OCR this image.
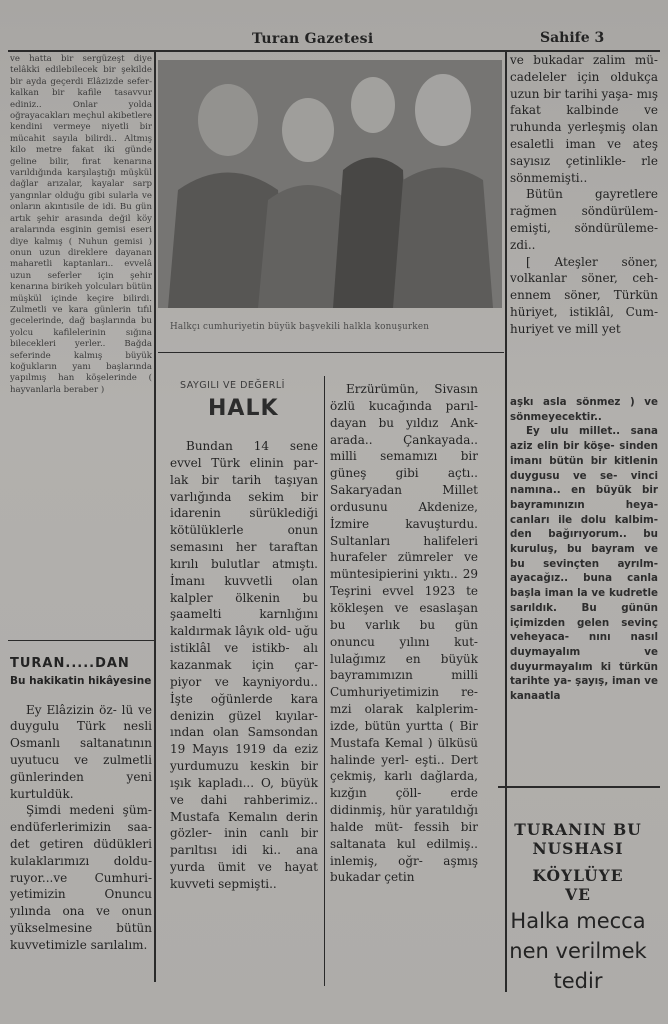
Turan Gazetesi	Sahife 3

ve hatta bir sergüzeşt diye telâkki edilebilecek bir şekilde bir ayda geçerdi Elâzizde sefer- kalkan bir kafile tasavvur ediniz.. Onlar yolda oğrayacakları meçhul akibetlere kendini vermeye niyetli bir mücahit sayıla bilirdi.. Altmış kilo metre fakat iki günde geline bilir, fırat kenarına varıldığında karşılaştığı müşkül dağlar arızalar, kayalar sarp yangınlar olduğu gibi sularla ve onların akıntısile de idi. Bu gün artık şehir arasında değil köy aralarında esginin gemisi eseri diye kalmış ( Nuhun gemisi ) onun uzun direklere dayanan maharetli kaptanları.. evvelâ uzun seferler için şehir kenarına birikeh yolcuları bütün müşkül içinde keçire bilirdi. Zulmetli ve kara günlerin tıfıl gecelerinde, dağ başlarında bu yolcu kafilelerinin sığına bilecekleri yerler.. Bağda seferinde kalmış büyük koğukların yanı başlarında yapılmış han köşelerinde ( hayvanlarla beraber )

TURAN.....DAN
Bu hakikatin hikâyesine

Ey Elâzizin öz- lü ve duygulu Türk nesli Osmanlı saltanatının uyutucu ve zulmetli günlerinden yeni kurtuldük.

Şimdi medeni şüm- endüferlerimizin saa- det getiren düdükleri kulaklarımızı doldu- ruyor...ve Cumhuri- yetimizin Onuncu yılında ona ve onun yükselmesine bütün kuvvetimizle sarılalım.

Halkçı cumhuriyetin büyük başvekili halkla konuşurken
SAYGILI VE DEĞERLİ
HALK

Bundan 14 sene evvel Türk elinin par- lak bir tarih taşıyan varlığında sekim bir idarenin sürüklediği kötülüklerle onun semasını her taraftan kırılı bulutlar atmıştı. İmanı kuvvetli olan kalpler ölkenin bu şaamelti karnlığını kaldırmak lâyık old- uğu istiklâl ve istikb- alı kazanmak için çar- piyor ve kayniyordu.. İşte oğünlerde kara denizin güzel kıyılar- ından olan Samsondan 19 Mayıs 1919 da eziz yurdumuzu keskin bir ışık kapladı... O, büyük ve dahi rahberimiz.. Mustafa Kemalın derin gözler- inin canlı bir parıltısı idi ki.. ana yurda ümit ve hayat kuvveti sepmişti..

Erzürümün, Sivasın özlü kucağında parıl- dayan bu yıldız Ank- arada.. Çankayada.. milli semamızı bir güneş gibi açtı.. Sakaryadan Millet ordusunu Akdenize, İzmire kavuşturdu. Sultanları halifeleri hurafeler zümreler ve müntesipierini yıktı.. 29 Teşrini evvel 1923 te kökleşen ve esaslaşan bu varlık bu gün onuncu yılını kut- lulağımız en büyük bayramımızın milli Cumhuriyetimizin re- mzi olarak kalplerim- izde, bütün yurtta ( Bir Mustafa Kemal ) ülküsü halinde yerl- eşti.. Dert çekmiş, karlı dağlarda, kızğın çöll- erde didinmiş, hür yaratıldığı halde müt- fessih bir saltanata kul edilmiş.. inlemiş, oğr- aşmış bukadar çetin

ve bukadar zalim mü- cadeleler için oldukça uzun bir tarihi yaşa- mış fakat kalbinde ve ruhunda yerleşmiş olan esaletli iman ve ateş sayısız çetinlikle- rle sönmemişti..

Bütün gayretlere rağmen söndürülem- emişti, söndürüleme- zdi..

[ Ateşler söner, volkanlar söner, ceh- ennem söner, Türkün hüriyet, istiklâl, Cum- huriyet ve mill yet

aşkı asla sönmez ) ve sönmeyecektir..

Ey ulu millet.. sana aziz elin bir köşe- sinden imanı bütün bir kitlenin duygusu ve se- vinci namına.. en büyük bir bayramınızın heya- canları ile dolu kalbim- den bağırıyorum.. bu kuruluş, bu bayram ve bu sevinçten ayrılm- ayacağız.. buna canla başla iman la ve kudretle sarıldık. Bu günün içimizden gelen sevinç veheyaca- nını nasıl duymayalım ve duyurmayalım ki türkün tarihte ya- şayış, iman ve kanaatla

TURANIN BU
NUSHASI
KÖYLÜYE
VE
Halka mecca
nen verilmek
tedir
